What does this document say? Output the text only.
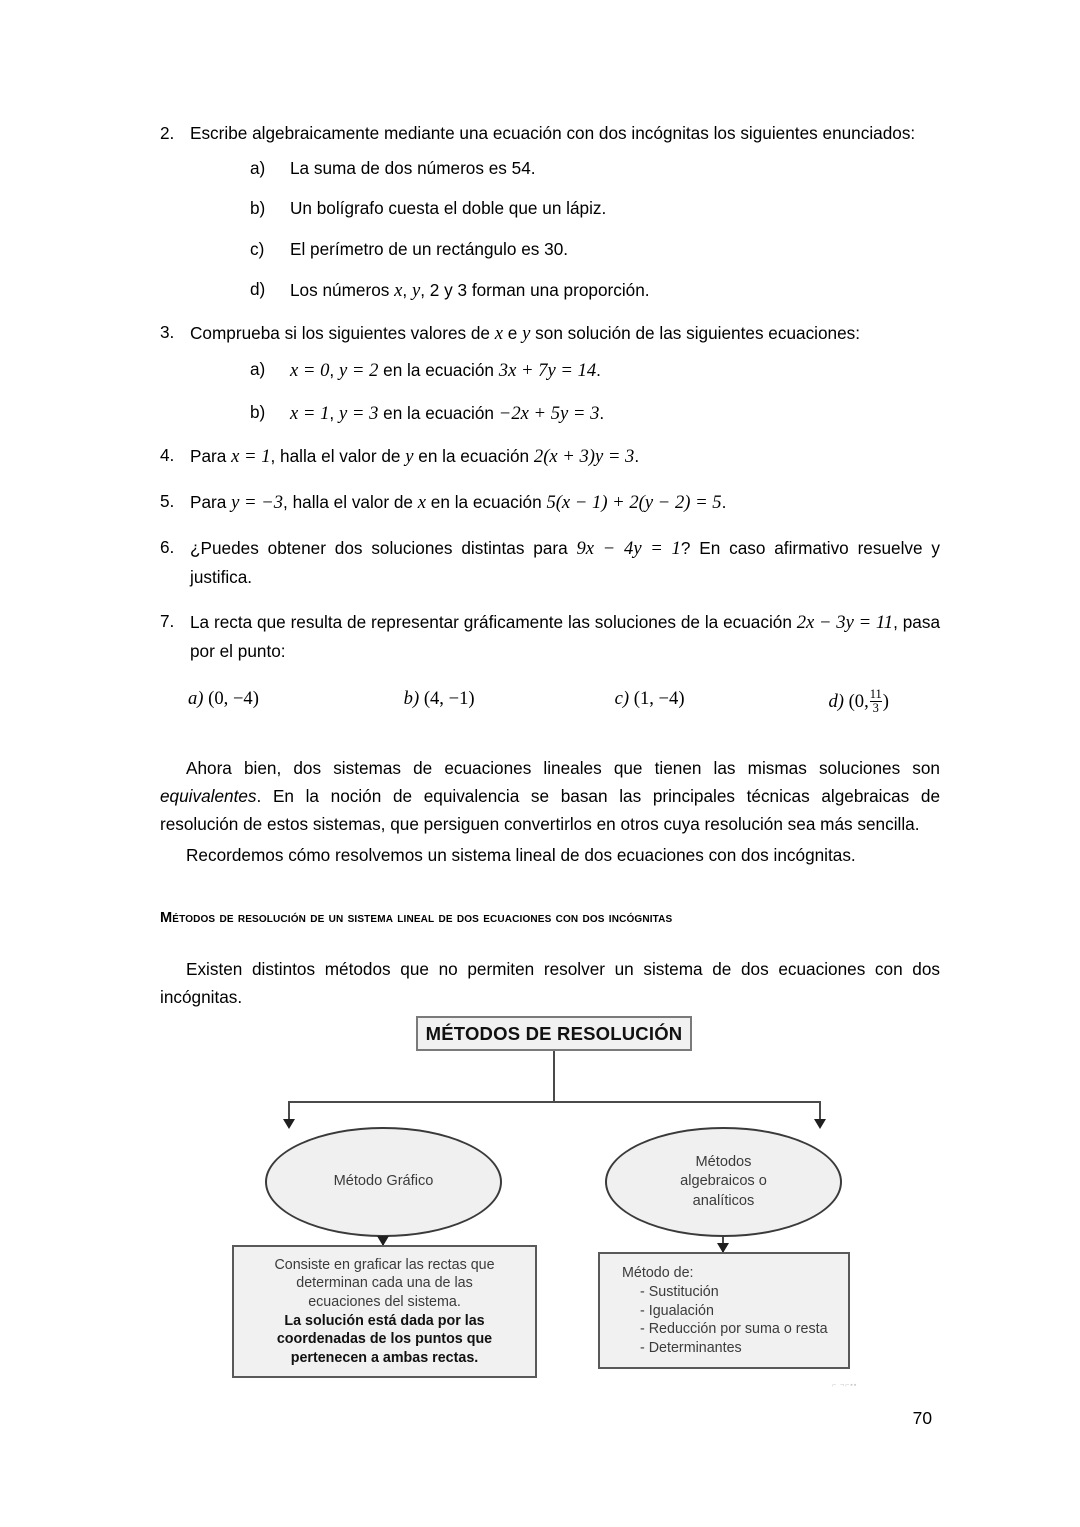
2. Escribe algebraicamente mediante una ecuación con dos incógnitas los siguientes enunciados:
a)	La suma de dos números es 54.
b)	Un bolígrafo cuesta el doble que un lápiz.
c)	El perímetro de un rectángulo es 30.
d)	Los números x, y, 2 y 3 forman una proporción.
3. Comprueba si los siguientes valores de x e y son solución de las siguientes ecuaciones:
a)	x = 0, y = 2 en la ecuación 3x + 7y = 14.
b)	x = 1, y = 3 en la ecuación −2x + 5y = 3.
4. Para x = 1, halla el valor de y en la ecuación 2(x + 3)y = 3.
5. Para y = −3, halla el valor de x en la ecuación 5(x − 1) + 2(y − 2) = 5.
6. ¿Puedes obtener dos soluciones distintas para 9x − 4y = 1? En caso afirmativo resuelve y justifica.
7. La recta que resulta de representar gráficamente las soluciones de la ecuación 2x − 3y = 11, pasa por el punto:
a) (0, −4)	b) (4, −1)	c) (1, −4)	d) ($0,\frac{11}{3}$ )

Ahora bien, dos sistemas de ecuaciones lineales que tienen las mismas soluciones son equivalentes. En la noción de equivalencia se basan las principales técnicas algebraicas de resolución de estos sistemas, que persiguen convertirlos en otros cuya resolución sea más sencilla.

Recordemos cómo resolvemos un sistema lineal de dos ecuaciones con dos incógnitas.

Métodos de resolución de un sistema lineal de dos ecuaciones con dos incógnitas

Existen distintos métodos que no permiten resolver un sistema de dos ecuaciones con dos incógnitas.

MÉTODOS DE RESOLUCIÓN
Método Gráfico
Métodos
algebraicos o
analíticos
Consiste en graficar las rectas que
determinan cada una de las
ecuaciones del sistema.
La solución está dada por las
coordenadas de los puntos que
pertenecen a ambas rectas.
Método de:
- Sustitución
- Igualación
- Reducción por suma o resta
- Determinantes
⌐ ¬⌐▪▪
70
